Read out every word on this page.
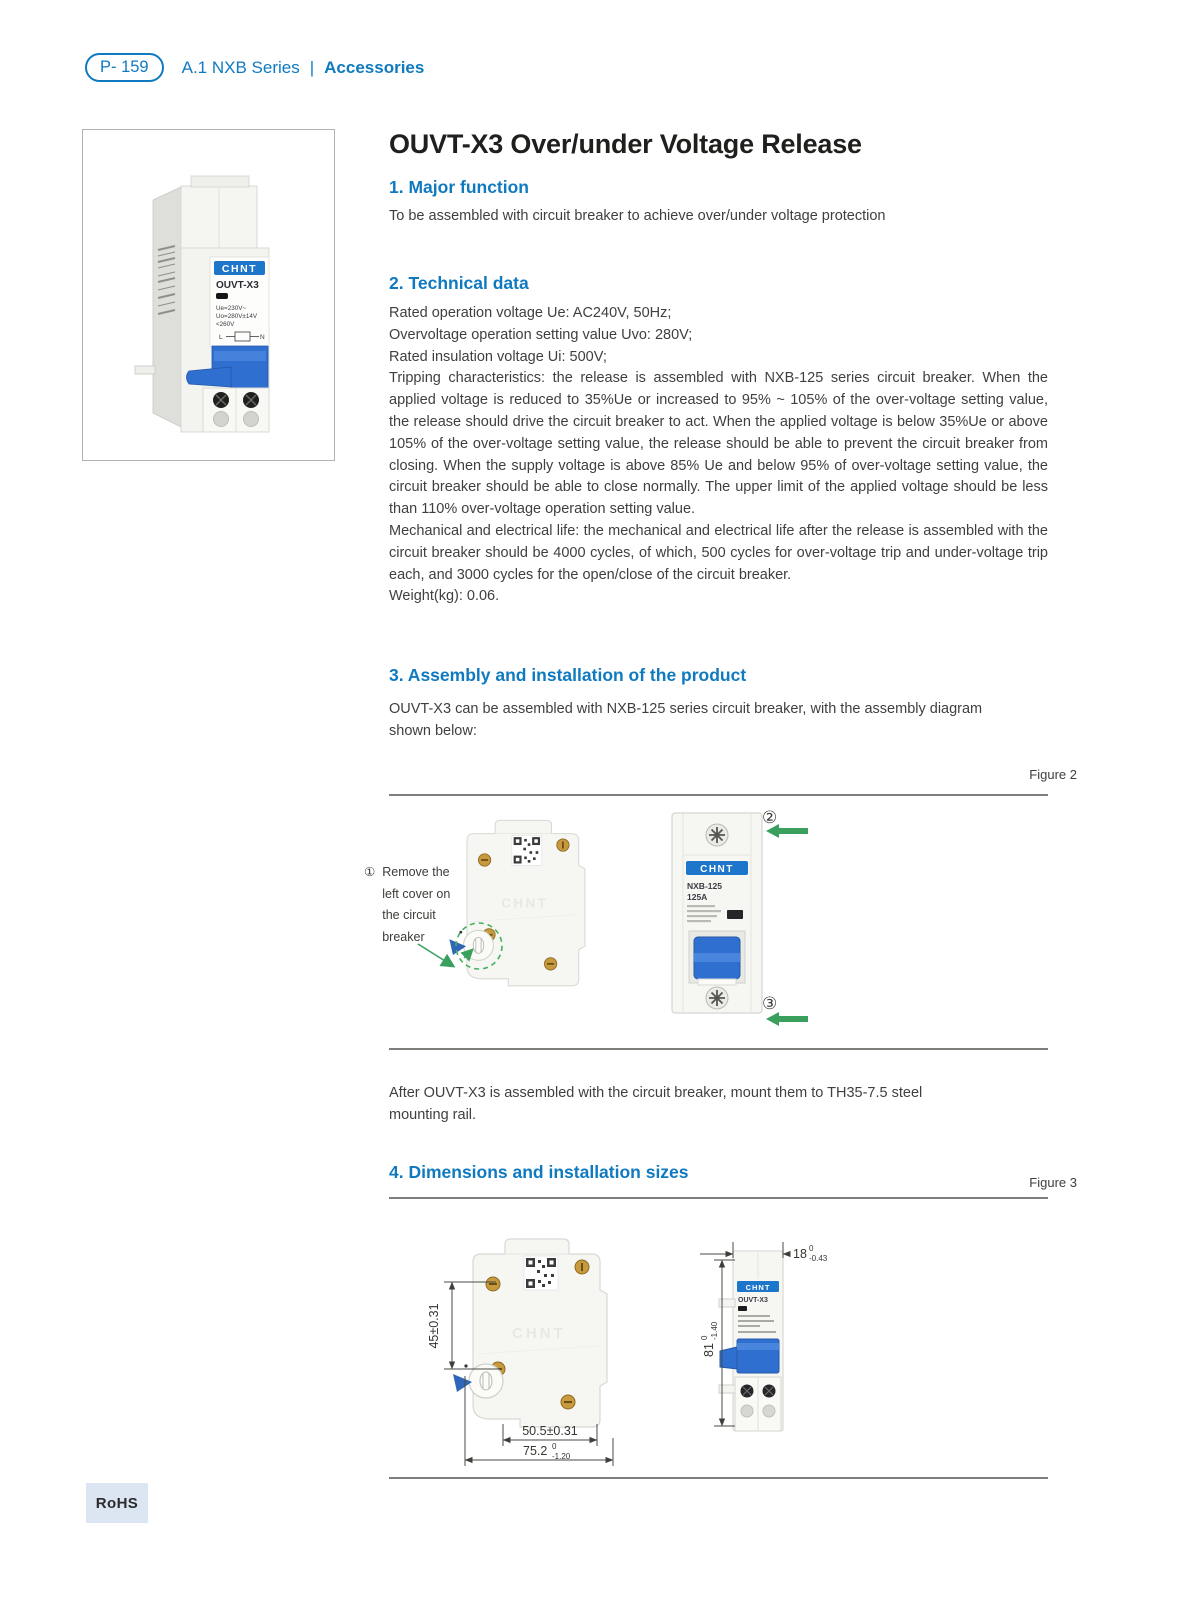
P- 159	A.1 NXB Series | Accessories
CHNT
OUVT-X3
Ue=230V~
Uo=280V±14V
<260V
L	N
OUVT-X3 Over/under Voltage Release
1. Major function
To be assembled with circuit breaker to achieve over/under voltage protection
2. Technical data

Rated operation voltage Ue: AC240V, 50Hz;

Overvoltage operation setting value Uvo: 280V;

Rated insulation voltage Ui: 500V;

Tripping characteristics: the release is assembled with NXB-125 series circuit breaker. When the applied voltage is reduced to 35%Ue or increased to 95% ~ 105% of the over-voltage setting value, the release should drive the circuit breaker to act. When the applied voltage is below 35%Ue or above 105% of the over-voltage setting value, the release should be able to prevent the circuit breaker from closing. When the supply voltage is above 85% Ue and below 95% of over-voltage setting value, the circuit breaker should be able to close normally. The upper limit of the applied voltage should be less than 110% over-voltage operation setting value.

Mechanical and electrical life: the mechanical and electrical life after the release is assembled with the circuit breaker should be 4000 cycles, of which, 500 cycles for over-voltage trip and under-voltage trip each, and 3000 cycles for the open/close of the circuit breaker.

Weight(kg): 0.06.

3. Assembly and installation of the product
OUVT-X3 can be assembled with NXB-125 series circuit breaker, with the assembly diagram shown below:
Figure 2
CHNT
NXB-125
125A
① Remove the left cover on the circuit breaker
②
③
After OUVT-X3 is assembled with the circuit breaker, mount them to TH35-7.5 steel mounting rail.
4. Dimensions and installation sizes
Figure 3
45±0.31
50.5±0.31
75.2 0
-1.20
CHNT
OUVT-X3
18 0
-0.43
81
0 -1.40
RoHS
